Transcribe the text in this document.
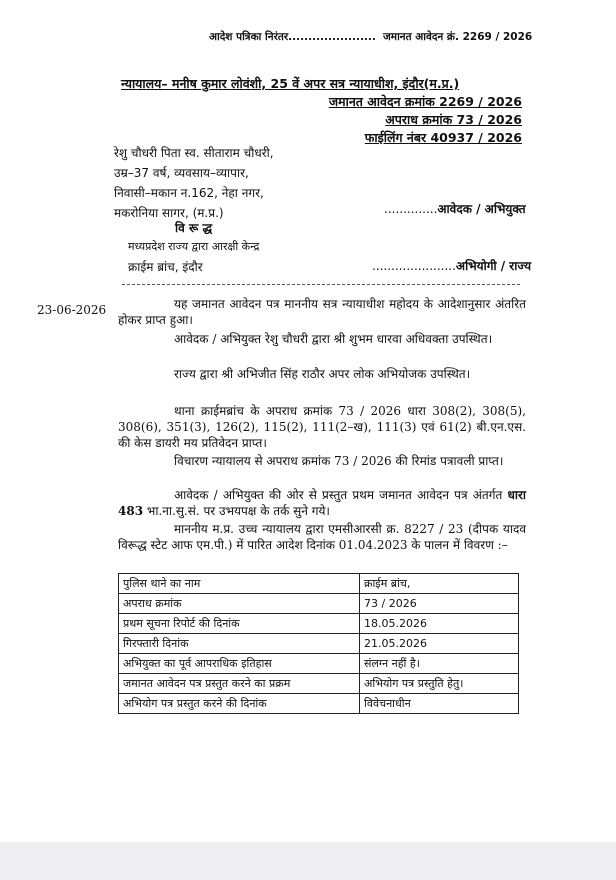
आदेश पत्रिका निरंतर...................... जमानत आवेदन क्रं. 2269 / 2026
न्यायालय– मनीष कुमार लोवंशी, 25 वें अपर सत्र न्यायाधीश, इंदौर(म.प्र.)
जमानत आवेदन क्रमांक 2269 / 2026
अपराध क्रमांक 73 / 2026
फाईलिंग नंबर 40937 / 2026
रेशु चौधरी पिता स्व. सीताराम चौधरी,
उम्र–37 वर्ष, व्यवसाय–व्यापार,
निवासी–मकान न.162, नेहा नगर,
मकरोनिया सागर, (म.प्र.)	..............आवेदक / अभियुक्त
वि रू द्ध
मध्यप्रदेश राज्य द्वारा आरक्षी केन्द्र
क्राईम ब्रांच, इंदौर	......................अभियोगी / राज्य
23-06-2026	यह जमानत आवेदन पत्र माननीय सत्र न्यायाधीश महोदय के आदेशानुसार अंतरित होकर प्राप्त हुआ।
आवेदक / अभियुक्त रेशु चौधरी द्वारा श्री शुभम धारवा अधिवक्ता उपस्थित।
राज्य द्वारा श्री अभिजीत सिंह राठौर अपर लोक अभियोजक उपस्थित।
थाना क्राईमब्रांच के अपराध क्रमांक 73 / 2026 धारा 308(2), 308(5), 308(6), 351(3), 126(2), 115(2), 111(2–ख), 111(3) एवं 61(2) बी.एन.एस. की केस डायरी मय प्रतिवेदन प्राप्त।
विचारण न्यायालय से अपराध क्रमांक 73 / 2026 की रिमांड पत्रावली प्राप्त।
आवेदक / अभियुक्त की ओर से प्रस्तुत प्रथम जमानत आवेदन पत्र अंतर्गत धारा 483 भा.ना.सु.सं. पर उभयपक्ष के तर्क सुने गये।
माननीय म.प्र. उच्च न्यायालय द्वारा एमसीआरसी क्र. 8227 / 23 (दीपक यादव विरूद्ध स्टेट आफ एम.पी.) में पारित आदेश दिनांक 01.04.2023 के पालन में विवरण :–
पुलिस थाने का नाम	क्राईम ब्रांच,
अपराध क्रमांक	73 / 2026
प्रथम सूचना रिपोर्ट की दिनांक	18.05.2026
गिरफ्तारी दिनांक	21.05.2026
अभियुक्त का पूर्व आपराधिक इतिहास	संलग्न नहीं है।
जमानत आवेदन पत्र प्रस्तुत करने का प्रक्रम	अभियोग पत्र प्रस्तुति हेतु।
अभियोग पत्र प्रस्तुत करने की दिनांक	विवेचनाधीन
